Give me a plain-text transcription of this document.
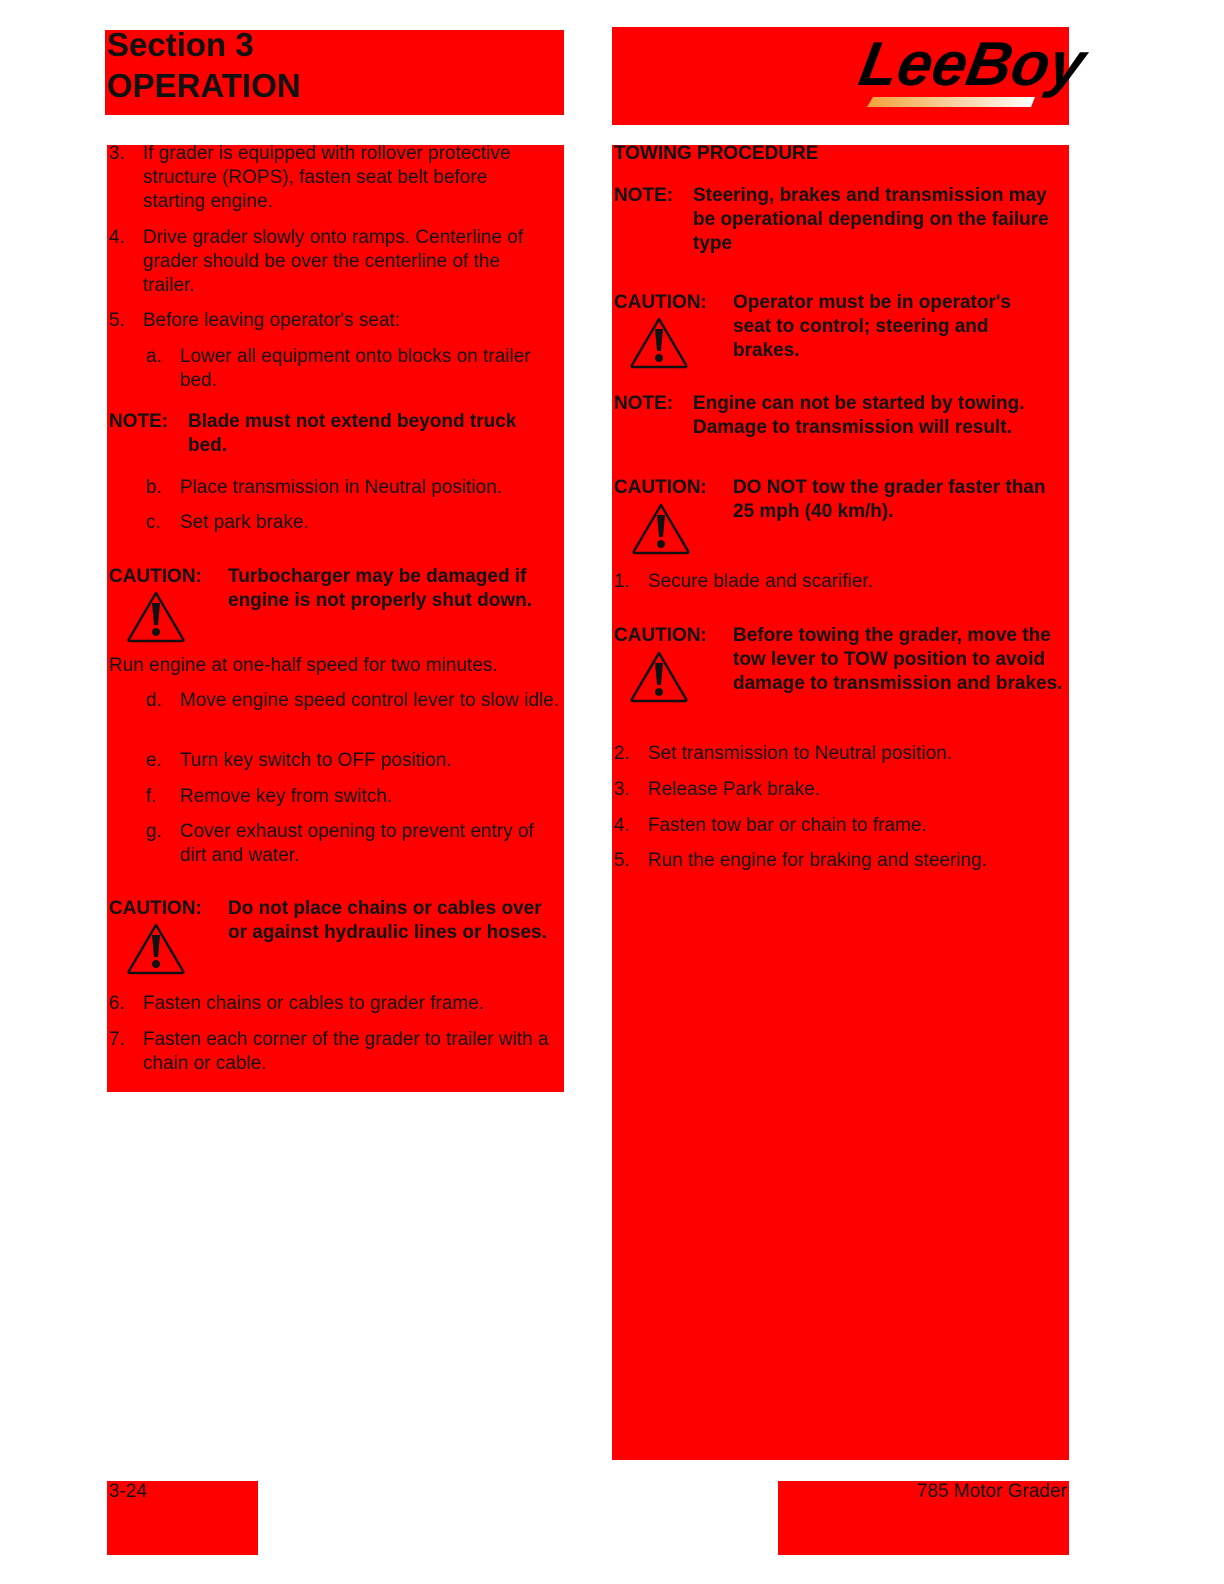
Section 3
OPERATION	LeeBoy
3. If grader is equipped with rollover protective structure (ROPS), fasten seat belt before starting engine.
4. Drive grader slowly onto ramps. Centerline of grader should be over the centerline of the trailer.
5. Before leaving operator's seat:
a. Lower all equipment onto blocks on trailer bed.
NOTE: Blade must not extend beyond truck bed.
b. Place transmission in Neutral position.
c. Set park brake.
CAUTION: Turbocharger may be damaged if engine is not properly shut down.
Run engine at one-half speed for two minutes.
d. Move engine speed control lever to slow idle.
e. Turn key switch to OFF position.
f. Remove key from switch.
g. Cover exhaust opening to prevent entry of dirt and water.
CAUTION: Do not place chains or cables over or against hydraulic lines or hoses.
6. Fasten chains or cables to grader frame.
7. Fasten each corner of the grader to trailer with a chain or cable.
TOWING PROCEDURE
NOTE: Steering, brakes and transmission may be operational depending on the failure type
CAUTION: Operator must be in operator's seat to control; steering and brakes.
NOTE: Engine can not be started by towing. Damage to transmission will result.
CAUTION: DO NOT tow the grader faster than 25 mph (40 km/h).
1. Secure blade and scarifier.
CAUTION: Before towing the grader, move the tow lever to TOW position to avoid damage to transmission and brakes.
2. Set transmission to Neutral position.
3. Release Park brake.
4. Fasten tow bar or chain to frame.
5. Run the engine for braking and steering.
3-24	785 Motor Grader
